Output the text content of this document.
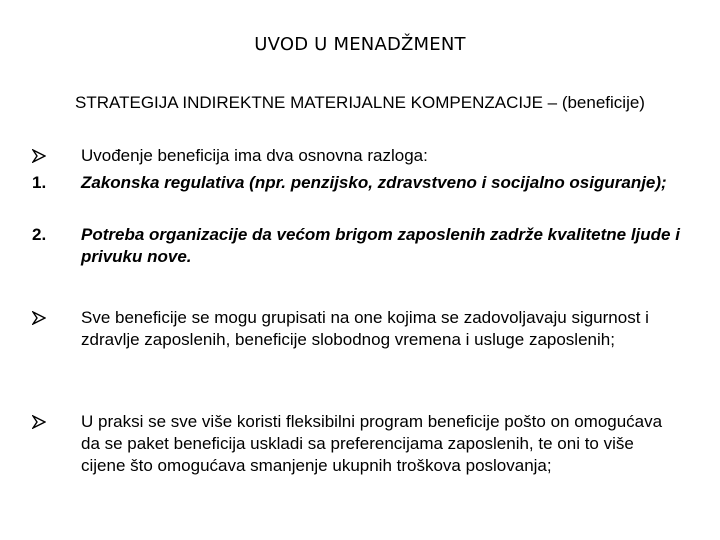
UVOD U MENADŽMENT
STRATEGIJA INDIREKTNE MATERIJALNE KOMPENZACIJE – (beneficije)
Uvođenje beneficija ima dva osnovna razloga:
1.	Zakonska regulativa (npr. penzijsko, zdravstveno i socijalno osiguranje);
2.	Potreba organizacije da većom brigom zaposlenih zadrže kvalitetne ljude i privuku nove.
Sve beneficije se mogu grupisati na one kojima se zadovoljavaju sigurnost i zdravlje zaposlenih, beneficije slobodnog vremena i usluge zaposlenih;
U praksi se sve više koristi fleksibilni program beneficije pošto on omogućava da se paket beneficija uskladi sa preferencijama zaposlenih, te oni to više cijene što omogućava smanjenje ukupnih troškova poslovanja;
